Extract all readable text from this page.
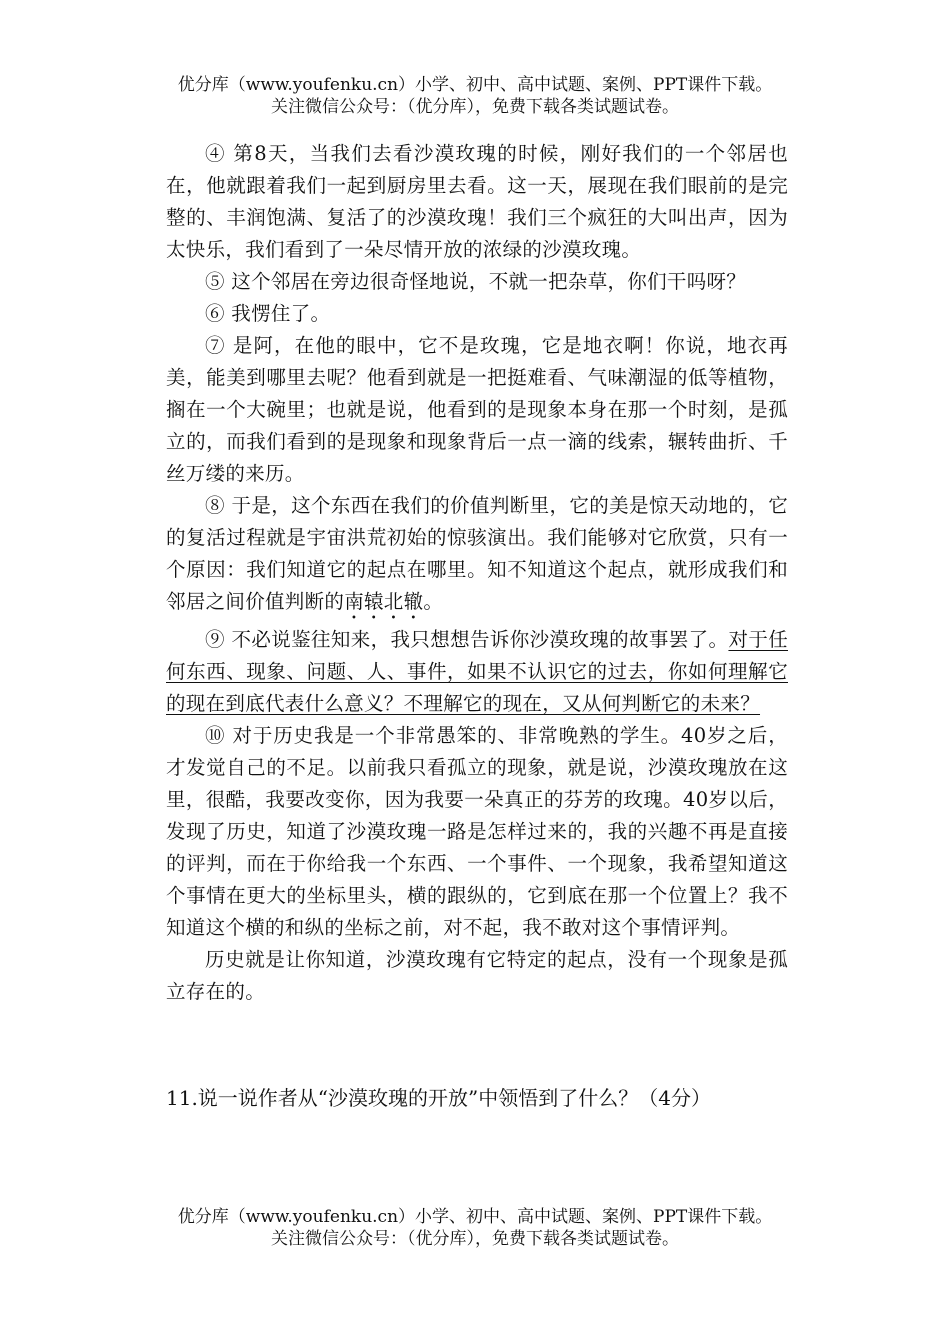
优分库（www.youfenku.cn）小学、初中、高中试题、案例、PPT课件下载。
关注微信公众号：（优分库），免费下载各类试题试卷。

④ 第8天，当我们去看沙漠玫瑰的时候，刚好我们的一个邻居也在，他就跟着我们一起到厨房里去看。这一天，展现在我们眼前的是完整的、丰润饱满、复活了的沙漠玫瑰！我们三个疯狂的大叫出声，因为太快乐，我们看到了一朵尽情开放的浓绿的沙漠玫瑰。

⑤ 这个邻居在旁边很奇怪地说，不就一把杂草，你们干吗呀？

⑥ 我愣住了。

⑦ 是阿，在他的眼中，它不是玫瑰，它是地衣啊！你说，地衣再美，能美到哪里去呢？他看到就是一把挺难看、气味潮湿的低等植物，搁在一个大碗里；也就是说，他看到的是现象本身在那一个时刻，是孤立的，而我们看到的是现象和现象背后一点一滴的线索，辗转曲折、千丝万缕的来历。

⑧ 于是，这个东西在我们的价值判断里，它的美是惊天动地的，它的复活过程就是宇宙洪荒初始的惊骇演出。我们能够对它欣赏，只有一个原因：我们知道它的起点在哪里。知不知道这个起点，就形成我们和邻居之间价值判断的南辕北辙。

⑨ 不必说鉴往知来，我只想想告诉你沙漠玫瑰的故事罢了。对于任何东西、现象、问题、人、事件，如果不认识它的过去，你如何理解它的现在到底代表什么意义？不理解它的现在，又从何判断它的未来？

⑩ 对于历史我是一个非常愚笨的、非常晚熟的学生。40岁之后，才发觉自己的不足。以前我只看孤立的现象，就是说，沙漠玫瑰放在这里，很酷，我要改变你，因为我要一朵真正的芬芳的玫瑰。40岁以后，发现了历史，知道了沙漠玫瑰一路是怎样过来的，我的兴趣不再是直接的评判，而在于你给我一个东西、一个事件、一个现象，我希望知道这个事情在更大的坐标里头，横的跟纵的，它到底在那一个位置上？我不知道这个横的和纵的坐标之前，对不起，我不敢对这个事情评判。

历史就是让你知道，沙漠玫瑰有它特定的起点，没有一个现象是孤立存在的。

11.说一说作者从“沙漠玫瑰的开放”中领悟到了什么？（4分）
优分库（www.youfenku.cn）小学、初中、高中试题、案例、PPT课件下载。
关注微信公众号：（优分库），免费下载各类试题试卷。
